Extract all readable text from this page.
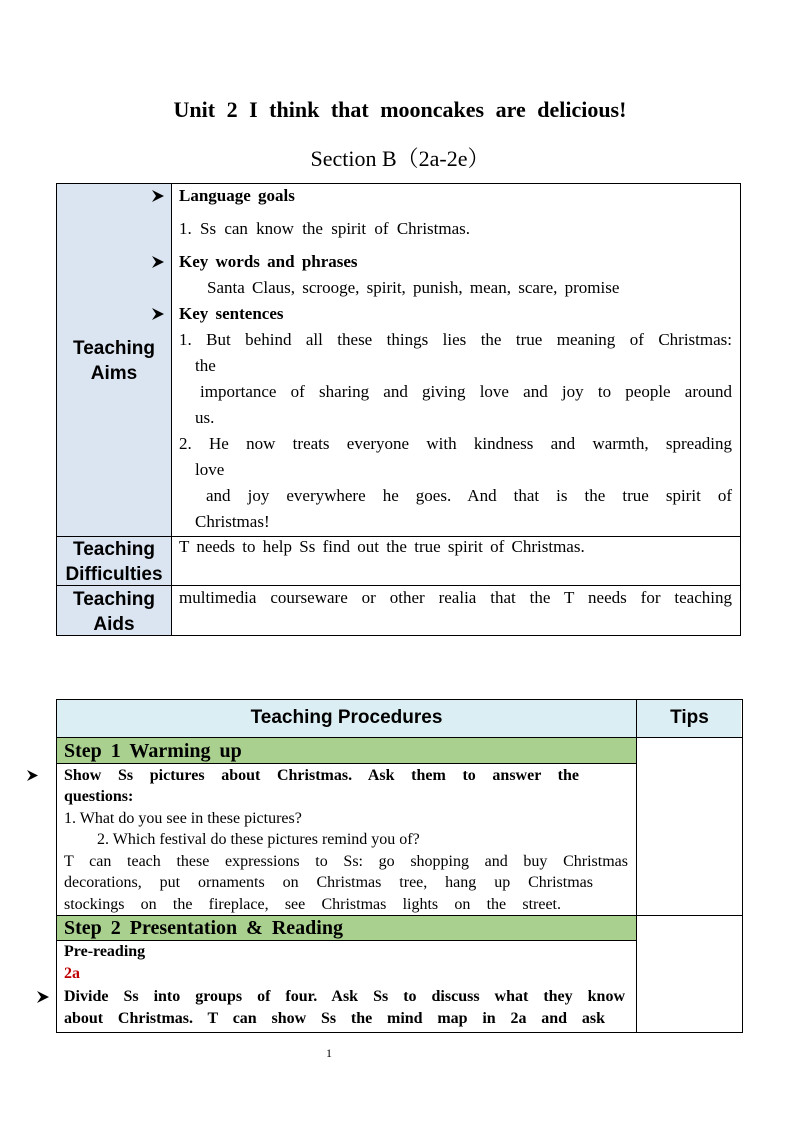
Unit 2 I think that mooncakes are delicious!
Section B（2a-2e）
Teaching
Aims
Teaching
Difficulties
Teaching
Aids
Language goals
1. Ss can know the spirit of Christmas.
Key words and phrases
Santa Claus, scrooge, spirit, punish, mean, scare, promise
Key sentences
1. But behind all these things lies the true meaning of Christmas:
the
importance of sharing and giving love and joy to people around
us.
2. He now treats everyone with kindness and warmth, spreading
love
and joy everywhere he goes. And that is the true spirit of
Christmas!
T needs to help Ss find out the true spirit of Christmas.
multimedia courseware or other realia that the T needs for teaching
Teaching Procedures	Tips
Step 1 Warming up
Show Ss pictures about Christmas. Ask them to answer the
questions:
1. What do you see in these pictures?
2. Which festival do these pictures remind you of?
T can teach these expressions to Ss: go shopping and buy Christmas
decorations, put ornaments on Christmas tree, hang up Christmas
stockings on the fireplace, see Christmas lights on the street.
Step 2 Presentation & Reading
Pre-reading
2a
Divide Ss into groups of four. Ask Ss to discuss what they know
about Christmas. T can show Ss the mind map in 2a and ask
1
